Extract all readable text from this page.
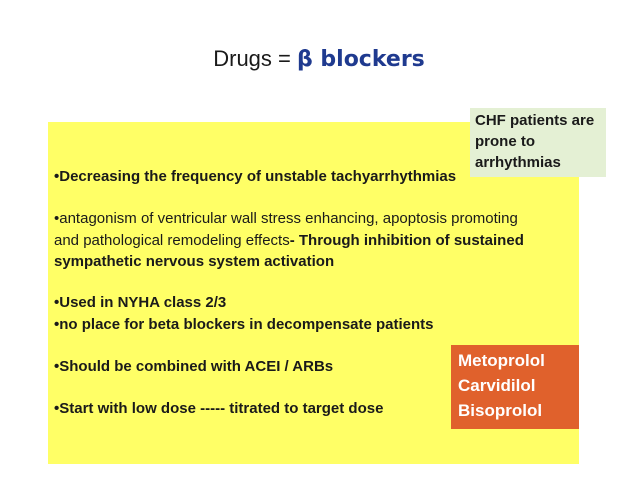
Drugs = β blockers
•Decreasing the frequency of unstable tachyarrhythmias
•antagonism of ventricular wall stress enhancing, apoptosis promoting
and pathological remodeling effects- Through inhibition of sustained
sympathetic nervous system activation
•Used in NYHA class 2/3
•no place for beta blockers in decompensate patients
•Should be combined with ACEI / ARBs
•Start with low dose ----- titrated to target dose
CHF patients are
prone to
arrhythmias
Metoprolol
Carvidilol
Bisoprolol
